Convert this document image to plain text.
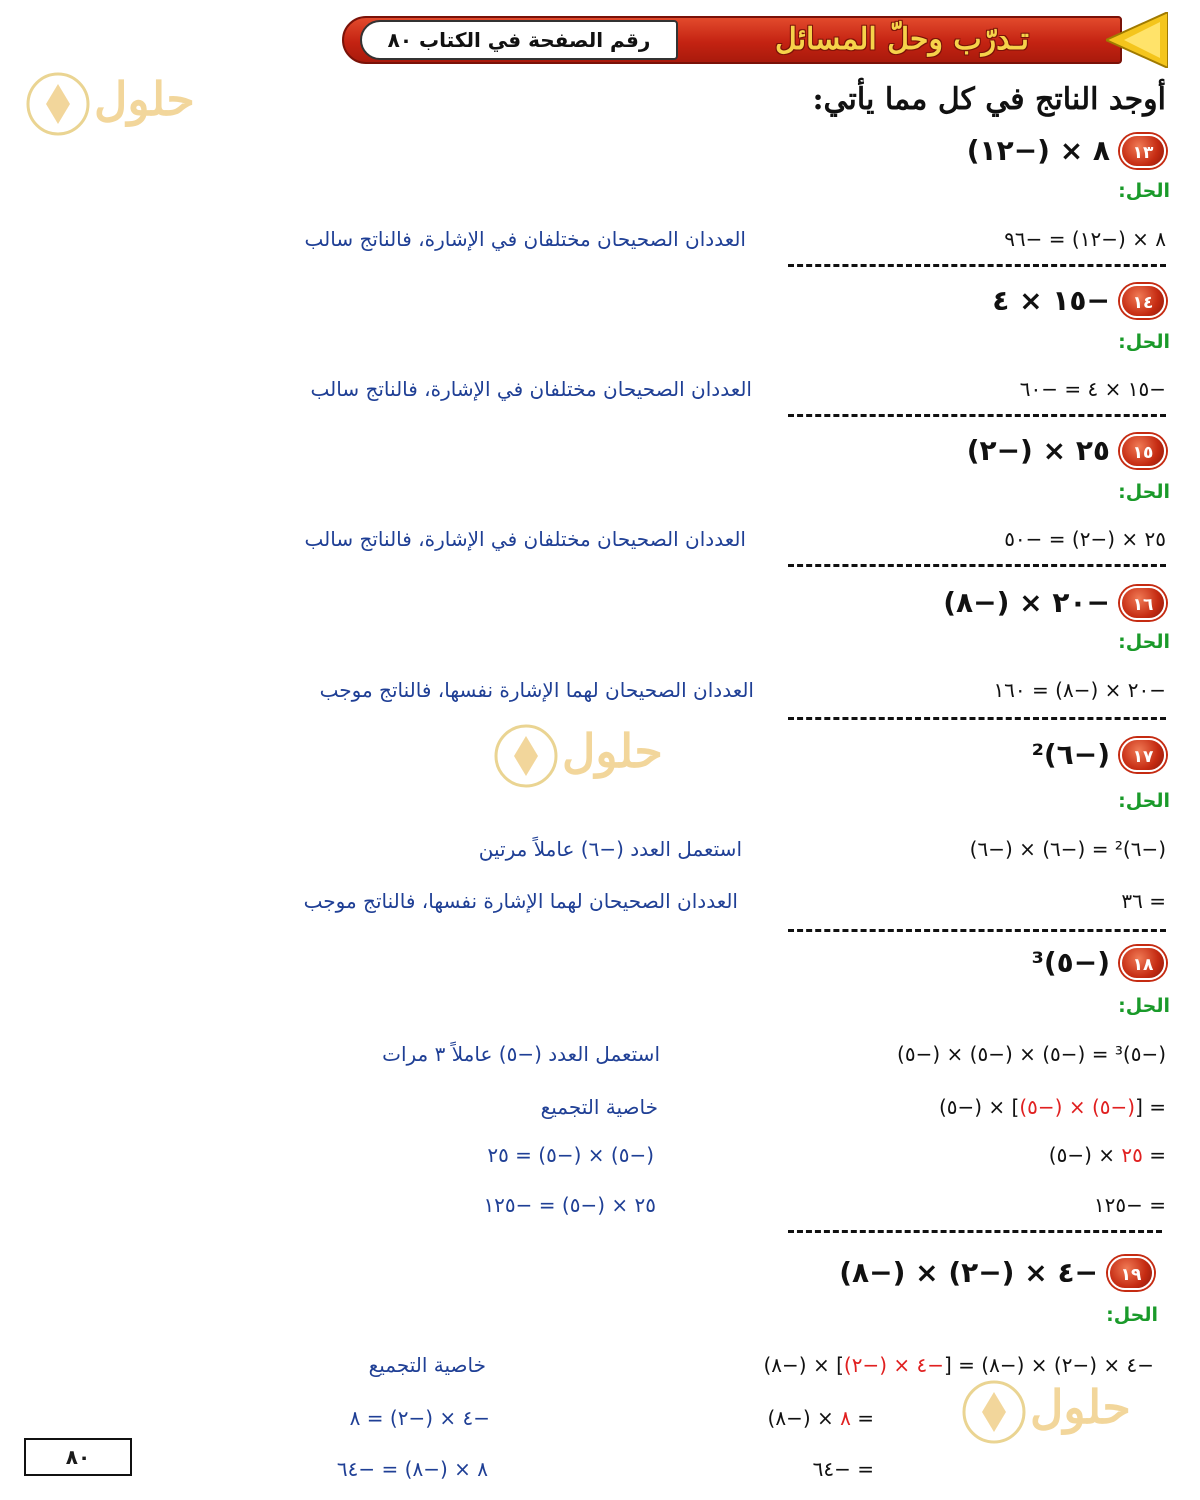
تـدرّب وحلّ المسائل
رقم الصفحة في الكتاب ٨٠
حلول
حلول
حلول
أوجد الناتج في كل مما يأتي:
١٣
٨ × (−١٢)
الحل:
٨ × (−١٢) = −٩٦
العددان الصحيحان مختلفان في الإشارة، فالناتج سالب
١٤
−١٥ × ٤
الحل:
−١٥ × ٤ = −٦٠
العددان الصحيحان مختلفان في الإشارة، فالناتج سالب
١٥
٢٥ × (−٢)
الحل:
٢٥ × (−٢) = −٥٠
العددان الصحيحان مختلفان في الإشارة، فالناتج سالب
١٦
−٢٠ × (−٨)
الحل:
−٢٠ × (−٨) = ١٦٠
العددان الصحيحان لهما الإشارة نفسها، فالناتج موجب
١٧
(−٦)²
الحل:
(−٦)² = (−٦) × (−٦)
استعمل العدد (−٦) عاملاً مرتين
= ٣٦
العددان الصحيحان لهما الإشارة نفسها، فالناتج موجب
١٨
(−٥)³
الحل:
(−٥)³ = (−٥) × (−٥) × (−٥)
استعمل العدد (−٥) عاملاً ٣ مرات
= [(−٥) × (−٥)] × (−٥)
خاصية التجميع
= ٢٥ × (−٥)
(−٥) × (−٥) = ٢٥
= −١٢٥
٢٥ × (−٥) = −١٢٥
١٩
−٤ × (−٢) × (−٨)
الحل:
−٤ × (−٢) × (−٨) = [−٤ × (−٢)] × (−٨)
خاصية التجميع
= ٨ × (−٨)
−٤ × (−٢) = ٨
= −٦٤
٨ × (−٨) = −٦٤
٨٠
